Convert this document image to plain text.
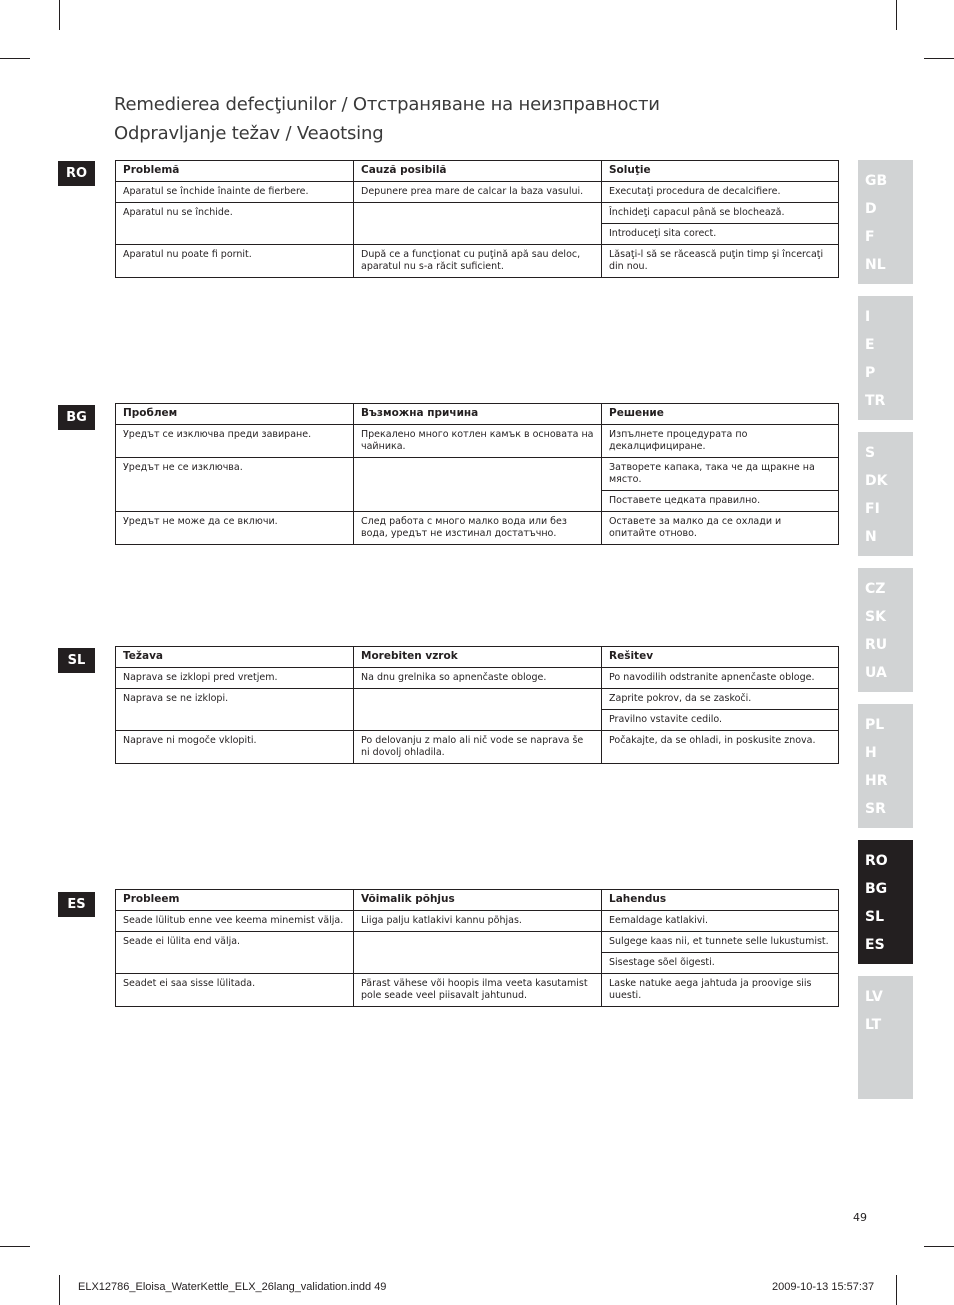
Remedierea defecţiunilor / Отстраняване на неизправности
Odpravljanje težav / Veaotsing
RO	Problemă	Cauză posibilă	Soluţie
Aparatul se închide înainte de fierbere.	Depunere prea mare de calcar la baza vasului.	Executaţi procedura de decalcifiere.
Aparatul nu se închide.		Închideţi capacul până se blochează.
		Introduceţi sita corect.
Aparatul nu poate fi pornit.	După ce a funcţionat cu puţină apă sau deloc, aparatul nu s-a răcit suficient.	Lăsaţi-l să se răcească puţin timp şi încercaţi din nou.
BG	Проблем	Възможна причина	Решение
Уредът се изключва преди завиране.	Прекалено много котлен камък в основата на чайника.	Изпълнете процедурата по декалцифициране.
Уредът не се изключва.		Затворете капака, така че да щракне на място.
		Поставете цедката правилно.
Уредът не може да се включи.	След работа с много малко вода или без вода, уредът не изстинал достатъчно.	Оставете за малко да се охлади и опитайте отново.
SL	Težava	Morebiten vzrok	Rešitev
Naprava se izklopi pred vretjem.	Na dnu grelnika so apnenčaste obloge.	Po navodilih odstranite apnenčaste obloge.
Naprava se ne izklopi.		Zaprite pokrov, da se zaskoči.
		Pravilno vstavite cedilo.
Naprave ni mogoče vklopiti.	Po delovanju z malo ali nič vode se naprava še ni dovolj ohladila.	Počakajte, da se ohladi, in poskusite znova.
ES	Probleem	Võimalik põhjus	Lahendus
Seade lülitub enne vee keema minemist välja.	Liiga palju katlakivi kannu põhjas.	Eemaldage katlakivi.
Seade ei lülita end välja.		Sulgege kaas nii, et tunnete selle lukustumist.
		Sisestage sõel õigesti.
Seadet ei saa sisse lülitada.	Pärast vähese või hoopis ilma veeta kasutamist pole seade veel piisavalt jahtunud.	Laske natuke aega jahtuda ja proovige siis uuesti.
GB
D
F
NL
I
E
P
TR
S
DK
FI
N
CZ
SK
RU
UA
PL
H
HR
SR
RO
BG
SL
ES
LV
LT
49
ELX12786_Eloisa_WaterKettle_ELX_26lang_validation.indd 49	2009-10-13 15:57:37
